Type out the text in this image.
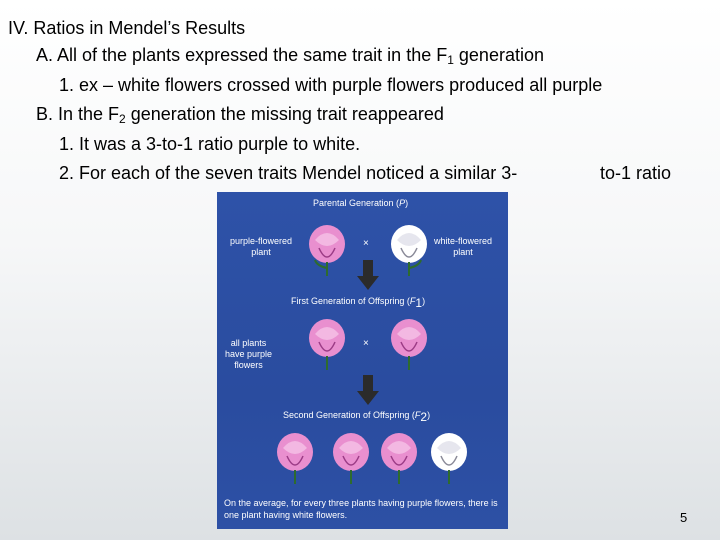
IV. Ratios in Mendel’s Results
A. All of the plants expressed the same trait in the $F_1$ generation
1. ex – white flowers crossed with purple flowers produced all purple
B. In the $F_2$ generation the missing trait reappeared
1. It was a 3-to-1 ratio purple to white.
2. For each of the seven traits Mendel noticed a similar 3-	to-1 ratio
Parental Generation (P)
purple-flowered plant
white-flowered plant
×
First Generation of Offspring $(F_1)$
×
all plants have purple flowers
Second Generation of Offspring $(F_2)$
On the average, for every three plants having purple flowers, there is one plant having white flowers.	5
